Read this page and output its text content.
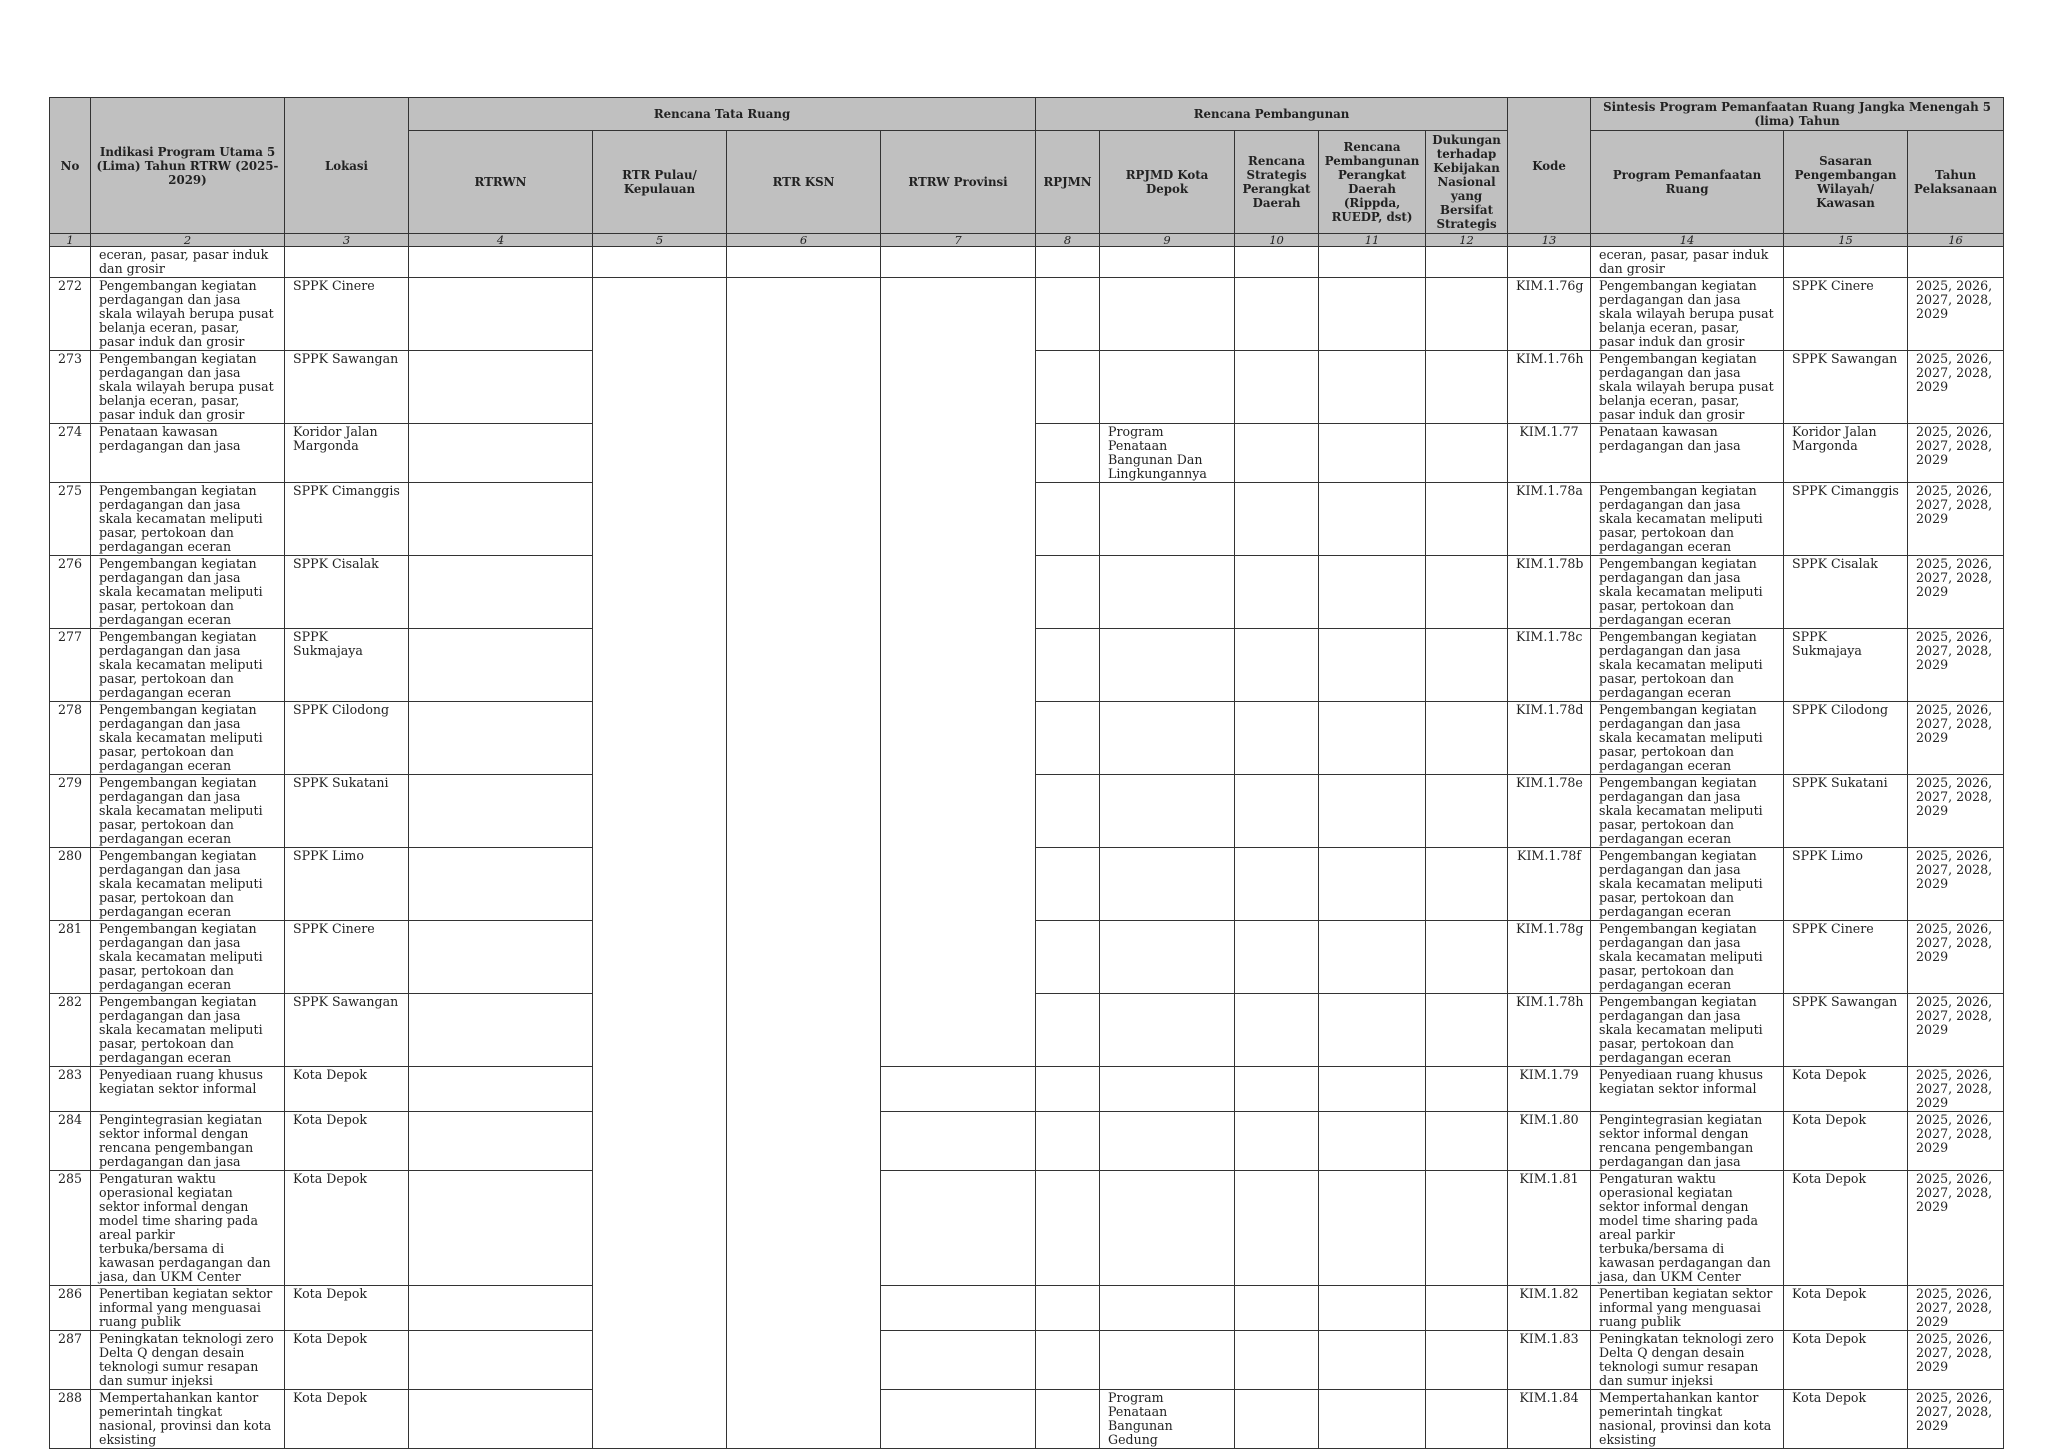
No	Indikasi Program Utama 5 (Lima) Tahun RTRW (2025-2029)	Lokasi	Rencana Tata Ruang				Rencana Pembangunan					Kode	Sintesis Program Pemanfaatan Ruang Jangka Menengah 5 (lima) Tahun		
			RTRWN	RTR Pulau/ Kepulauan	RTR KSN	RTRW Provinsi	RPJMN	RPJMD Kota Depok	Rencana Strategis Perangkat Daerah	Rencana Pembangunan Perangkat Daerah (Rippda, RUEDP, dst)	Dukungan terhadap Kebijakan Nasional yang Bersifat Strategis		Program Pemanfaatan Ruang	Sasaran Pengembangan Wilayah/ Kawasan	Tahun Pelaksanaan
1	2	3	4	5	6	7	8	9	10	11	12	13	14	15	16
	eceran, pasar, pasar induk dan grosir												eceran, pasar, pasar induk dan grosir		
272	Pengembangan kegiatan perdagangan dan jasa skala wilayah berupa pusat belanja eceran, pasar, pasar induk dan grosir	SPPK Cinere										KIM.1.76g	Pengembangan kegiatan perdagangan dan jasa skala wilayah berupa pusat belanja eceran, pasar, pasar induk dan grosir	SPPK Cinere	2025, 2026, 2027, 2028, 2029
273	Pengembangan kegiatan perdagangan dan jasa skala wilayah berupa pusat belanja eceran, pasar, pasar induk dan grosir	SPPK Sawangan										KIM.1.76h	Pengembangan kegiatan perdagangan dan jasa skala wilayah berupa pusat belanja eceran, pasar, pasar induk dan grosir	SPPK Sawangan	2025, 2026, 2027, 2028, 2029
274	Penataan kawasan perdagangan dan jasa	Koridor Jalan Margonda						Program Penataan Bangunan Dan Lingkungannya				KIM.1.77	Penataan kawasan perdagangan dan jasa	Koridor Jalan Margonda	2025, 2026, 2027, 2028, 2029
275	Pengembangan kegiatan perdagangan dan jasa skala kecamatan meliputi pasar, pertokoan dan perdagangan eceran	SPPK Cimanggis										KIM.1.78a	Pengembangan kegiatan perdagangan dan jasa skala kecamatan meliputi pasar, pertokoan dan perdagangan eceran	SPPK Cimanggis	2025, 2026, 2027, 2028, 2029
276	Pengembangan kegiatan perdagangan dan jasa skala kecamatan meliputi pasar, pertokoan dan perdagangan eceran	SPPK Cisalak										KIM.1.78b	Pengembangan kegiatan perdagangan dan jasa skala kecamatan meliputi pasar, pertokoan dan perdagangan eceran	SPPK Cisalak	2025, 2026, 2027, 2028, 2029
277	Pengembangan kegiatan perdagangan dan jasa skala kecamatan meliputi pasar, pertokoan dan perdagangan eceran	SPPK Sukmajaya										KIM.1.78c	Pengembangan kegiatan perdagangan dan jasa skala kecamatan meliputi pasar, pertokoan dan perdagangan eceran	SPPK Sukmajaya	2025, 2026, 2027, 2028, 2029
278	Pengembangan kegiatan perdagangan dan jasa skala kecamatan meliputi pasar, pertokoan dan perdagangan eceran	SPPK Cilodong										KIM.1.78d	Pengembangan kegiatan perdagangan dan jasa skala kecamatan meliputi pasar, pertokoan dan perdagangan eceran	SPPK Cilodong	2025, 2026, 2027, 2028, 2029
279	Pengembangan kegiatan perdagangan dan jasa skala kecamatan meliputi pasar, pertokoan dan perdagangan eceran	SPPK Sukatani										KIM.1.78e	Pengembangan kegiatan perdagangan dan jasa skala kecamatan meliputi pasar, pertokoan dan perdagangan eceran	SPPK Sukatani	2025, 2026, 2027, 2028, 2029
280	Pengembangan kegiatan perdagangan dan jasa skala kecamatan meliputi pasar, pertokoan dan perdagangan eceran	SPPK Limo										KIM.1.78f	Pengembangan kegiatan perdagangan dan jasa skala kecamatan meliputi pasar, pertokoan dan perdagangan eceran	SPPK Limo	2025, 2026, 2027, 2028, 2029
281	Pengembangan kegiatan perdagangan dan jasa skala kecamatan meliputi pasar, pertokoan dan perdagangan eceran	SPPK Cinere										KIM.1.78g	Pengembangan kegiatan perdagangan dan jasa skala kecamatan meliputi pasar, pertokoan dan perdagangan eceran	SPPK Cinere	2025, 2026, 2027, 2028, 2029
282	Pengembangan kegiatan perdagangan dan jasa skala kecamatan meliputi pasar, pertokoan dan perdagangan eceran	SPPK Sawangan										KIM.1.78h	Pengembangan kegiatan perdagangan dan jasa skala kecamatan meliputi pasar, pertokoan dan perdagangan eceran	SPPK Sawangan	2025, 2026, 2027, 2028, 2029
283	Penyediaan ruang khusus kegiatan sektor informal	Kota Depok										KIM.1.79	Penyediaan ruang khusus kegiatan sektor informal	Kota Depok	2025, 2026, 2027, 2028, 2029
284	Pengintegrasian kegiatan sektor informal dengan rencana pengembangan perdagangan dan jasa	Kota Depok										KIM.1.80	Pengintegrasian kegiatan sektor informal dengan rencana pengembangan perdagangan dan jasa	Kota Depok	2025, 2026, 2027, 2028, 2029
285	Pengaturan waktu operasional kegiatan sektor informal dengan model time sharing pada areal parkir terbuka/bersama di kawasan perdagangan dan jasa, dan UKM Center	Kota Depok										KIM.1.81	Pengaturan waktu operasional kegiatan sektor informal dengan model time sharing pada areal parkir terbuka/bersama di kawasan perdagangan dan jasa, dan UKM Center	Kota Depok	2025, 2026, 2027, 2028, 2029
286	Penertiban kegiatan sektor informal yang menguasai ruang publik	Kota Depok										KIM.1.82	Penertiban kegiatan sektor informal yang menguasai ruang publik	Kota Depok	2025, 2026, 2027, 2028, 2029
287	Peningkatan teknologi zero Delta Q dengan desain teknologi sumur resapan dan sumur injeksi	Kota Depok										KIM.1.83	Peningkatan teknologi zero Delta Q dengan desain teknologi sumur resapan dan sumur injeksi	Kota Depok	2025, 2026, 2027, 2028, 2029
288	Mempertahankan kantor pemerintah tingkat nasional, provinsi dan kota eksisting	Kota Depok						Program Penataan Bangunan Gedung				KIM.1.84	Mempertahankan kantor pemerintah tingkat nasional, provinsi dan kota eksisting	Kota Depok	2025, 2026, 2027, 2028, 2029
